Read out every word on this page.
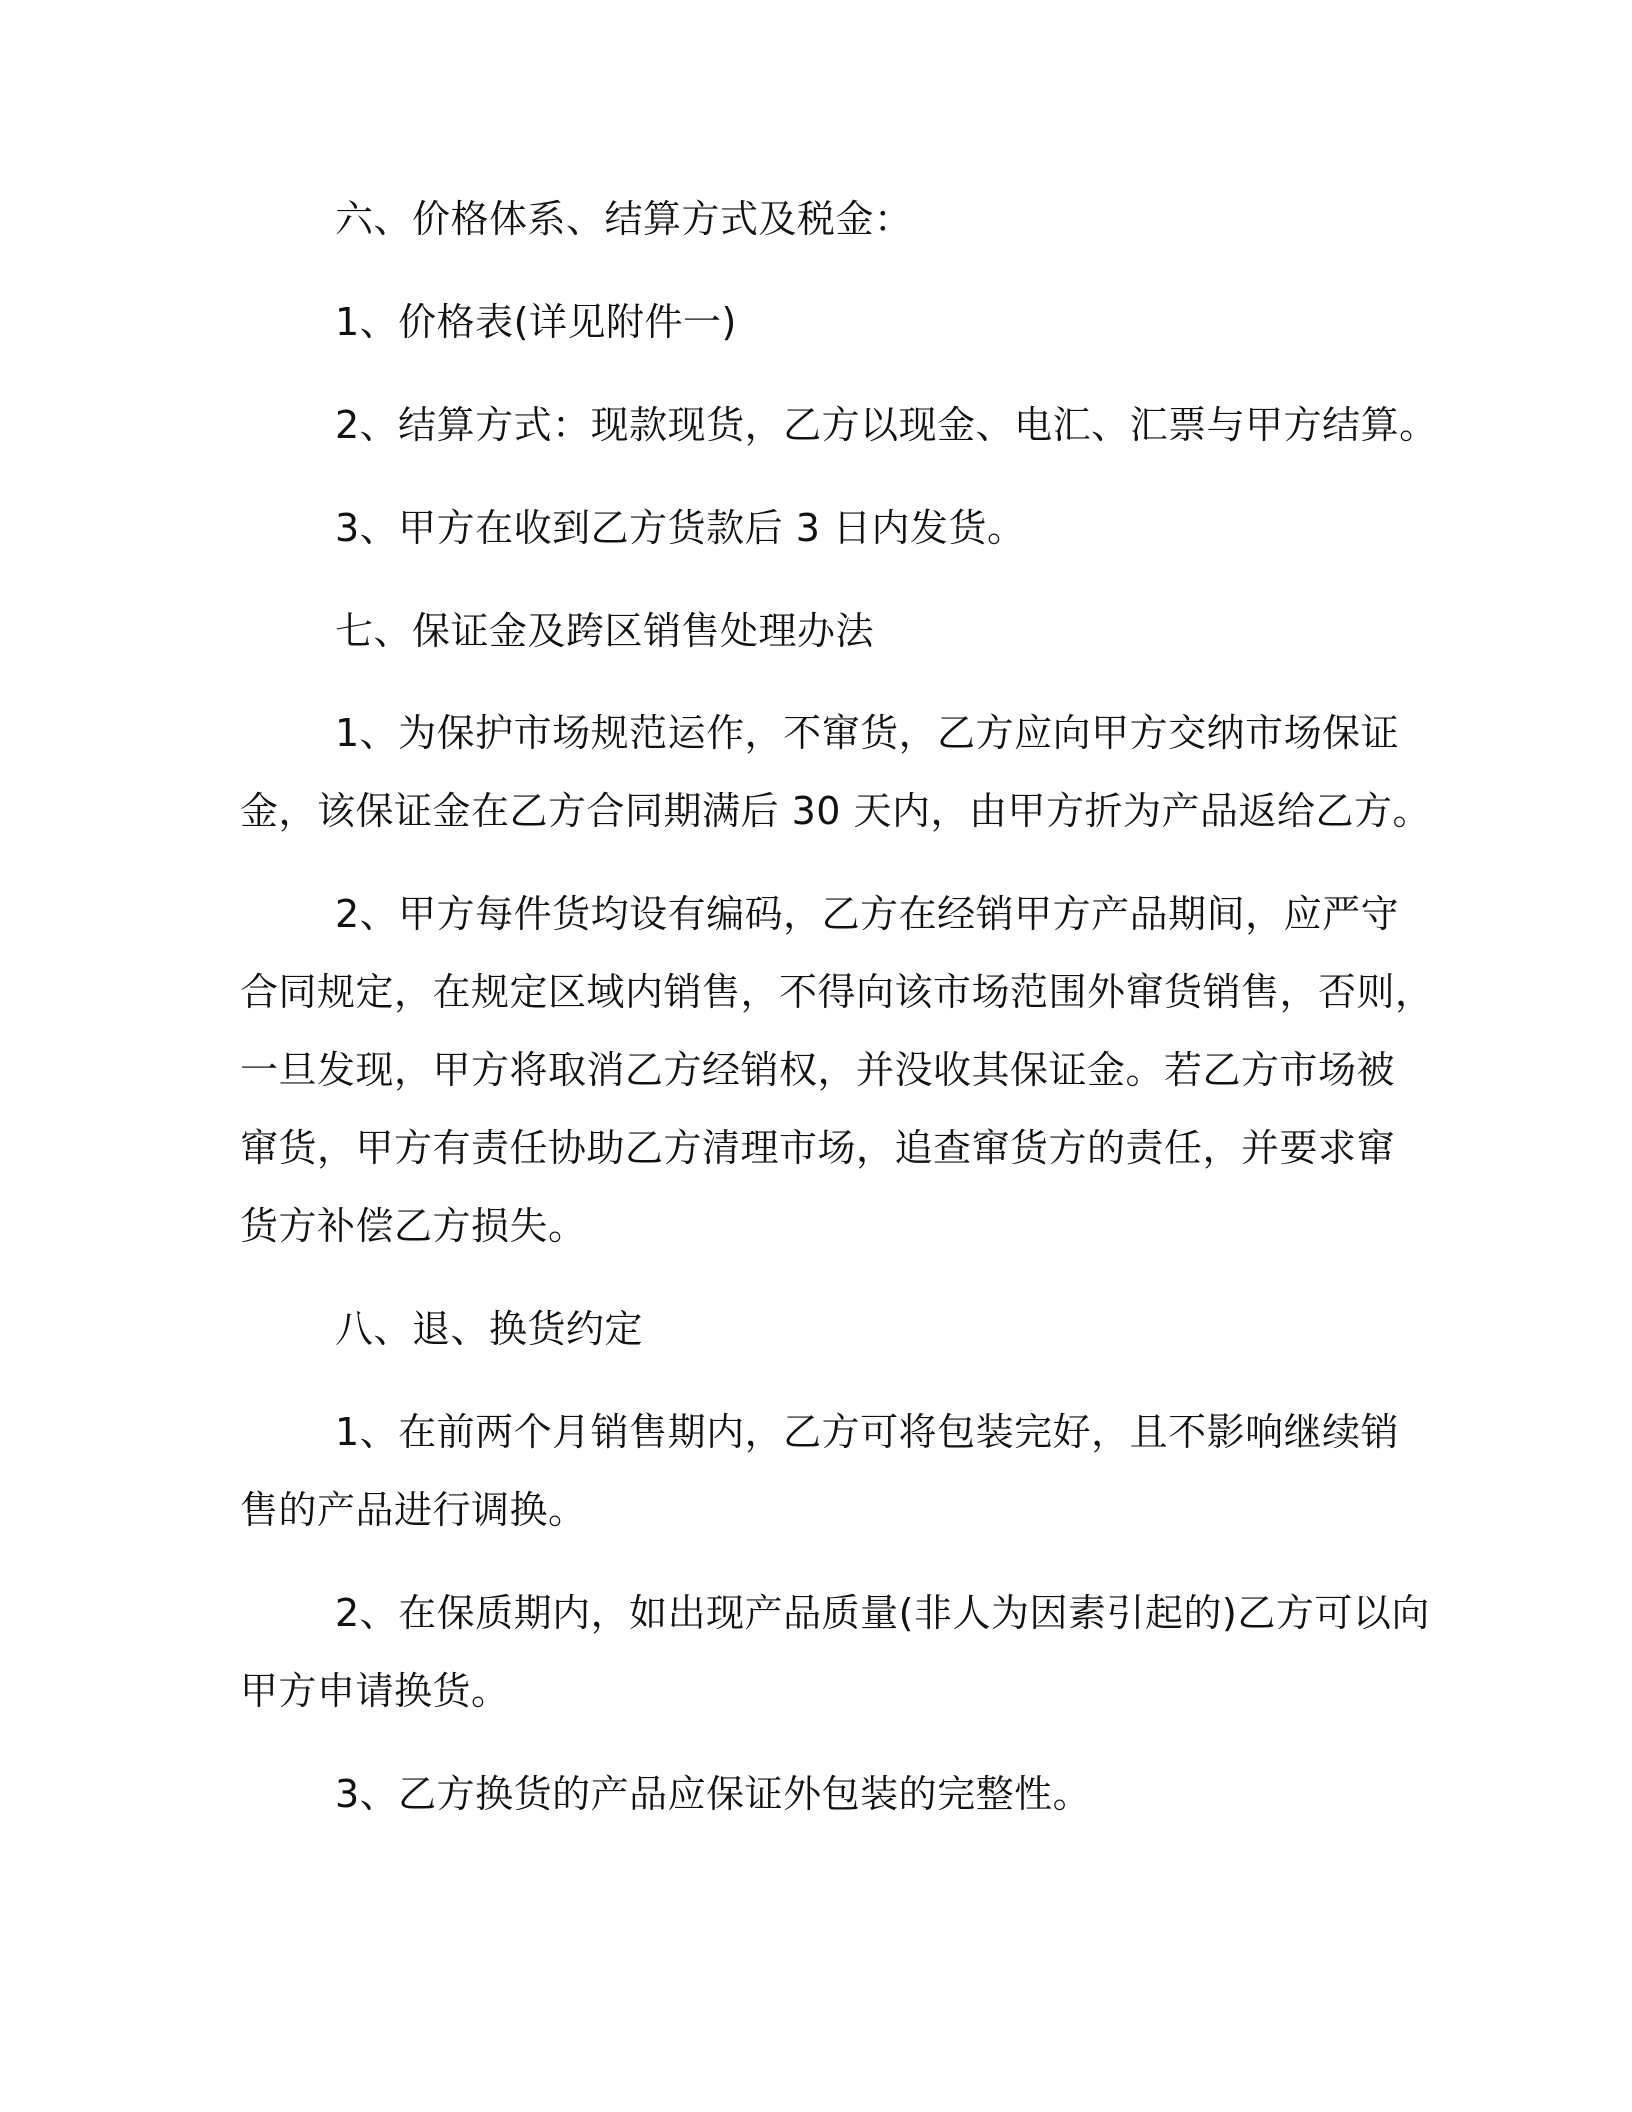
六、价格体系、结算方式及税金：

1、价格表(详见附件一)

2、结算方式：现款现货，乙方以现金、电汇、汇票与甲方结算。

3、甲方在收到乙方货款后 3 日内发货。

七、保证金及跨区销售处理办法

1、为保护市场规范运作，不窜货，乙方应向甲方交纳市场保证

金，该保证金在乙方合同期满后 30 天内，由甲方折为产品返给乙方。

2、甲方每件货均设有编码，乙方在经销甲方产品期间，应严守

合同规定，在规定区域内销售，不得向该市场范围外窜货销售，否则，

一旦发现，甲方将取消乙方经销权，并没收其保证金。若乙方市场被

窜货，甲方有责任协助乙方清理市场，追查窜货方的责任，并要求窜

货方补偿乙方损失。

八、退、换货约定

1、在前两个月销售期内，乙方可将包装完好，且不影响继续销

售的产品进行调换。

2、在保质期内，如出现产品质量(非人为因素引起的)乙方可以向

甲方申请换货。

3、乙方换货的产品应保证外包装的完整性。
